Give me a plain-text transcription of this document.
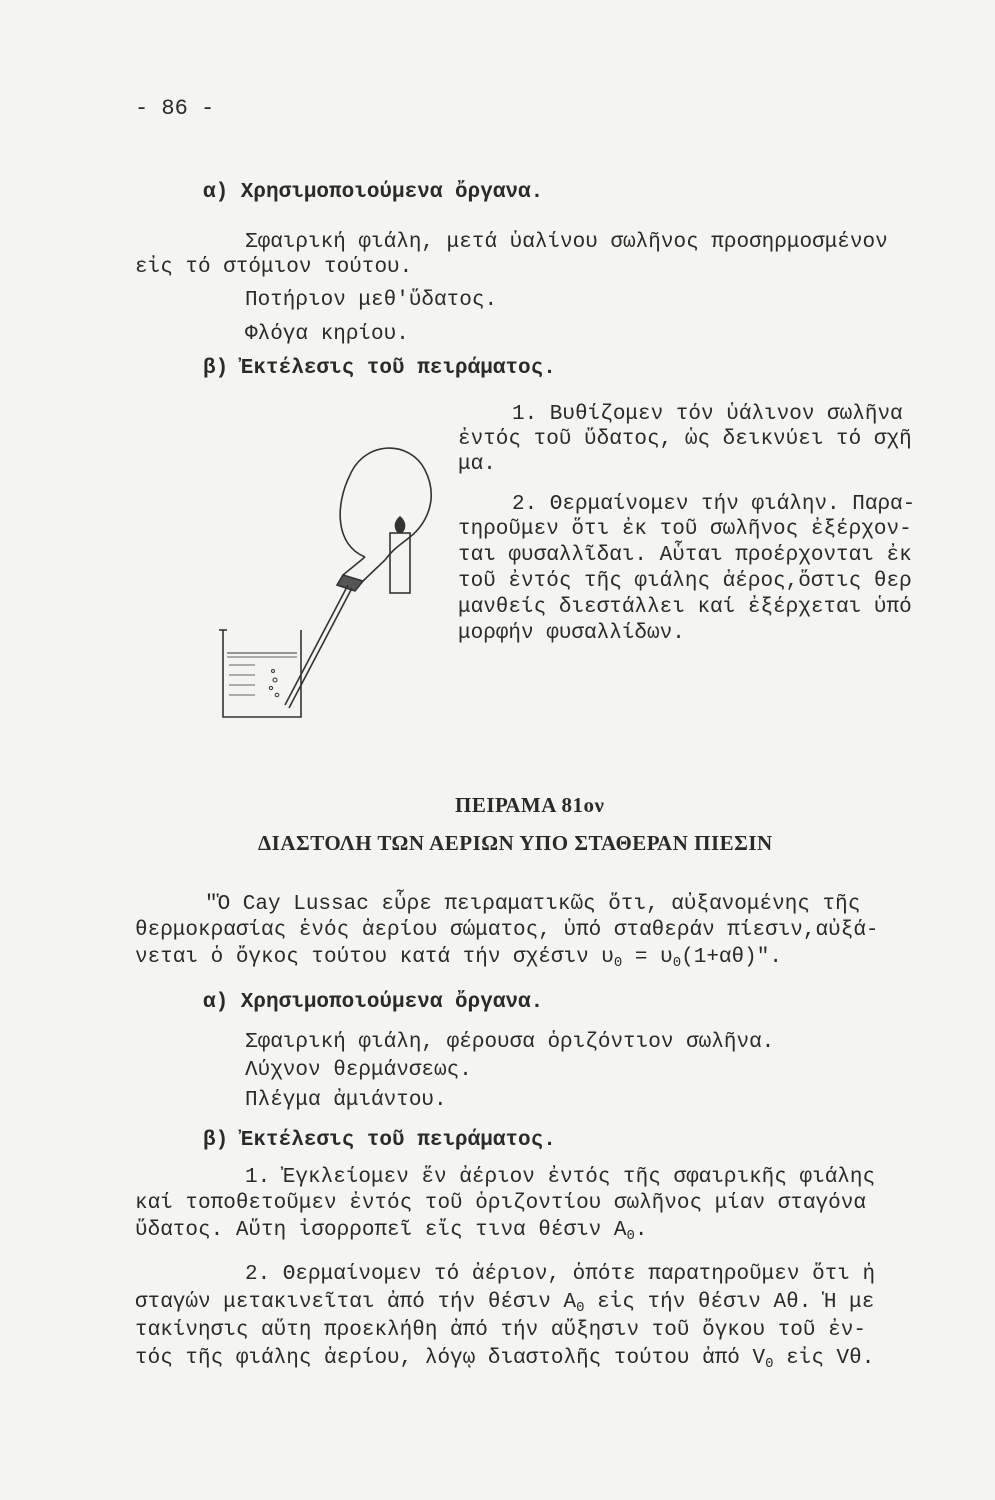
- 86 -
α) Χρησιμοποιούμενα ὄργανα.
Σφαιρική φιάλη, μετά ὑαλίνου σωλῆνος προσηρμοσμένον
εἰς τό στόμιον τούτου.
Ποτήριον μεθ'ὕδατος.
Φλόγα κηρίου.
β) Ἐκτέλεσις τοῦ πειράματος.
1. Βυθίζομεν τόν ὑάλινον σωλῆνα
ἐντός τοῦ ὕδατος, ὡς δεικνύει τό σχῆ
μα.
2. Θερμαίνομεν τήν φιάλην. Παρα-
τηροῦμεν ὅτι ἐκ τοῦ σωλῆνος ἐξέρχον-
ται φυσαλλῖδαι. Αὗται προέρχονται ἐκ
τοῦ ἐντός τῆς φιάλης ἀέρος,ὅστις θερ
μανθείς διεστάλλει καί ἐξέρχεται ὑπό
μορφήν φυσαλλίδων.
ΠΕΙΡΑΜΑ 81ον
ΔΙΑΣΤΟΛΗ ΤΩΝ ΑΕΡΙΩΝ ΥΠΟ ΣΤΑΘΕΡΑΝ ΠΙΕΣΙΝ
"Ὁ Cay Lussac εὗρε πειραματικῶς ὅτι, αὐξανομένης τῆς
θερμοκρασίας ἑνός ἀερίου σώματος, ὑπό σταθεράν πίεσιν,αὐξά-
νεται ὁ ὄγκος τούτου κατά τήν σχέσιν $\upsilon_0 = \upsilon_0(1+\alpha\theta)$".
α) Χρησιμοποιούμενα ὄργανα.
Σφαιρική φιάλη, φέρουσα ὁριζόντιον σωλῆνα.
Λύχνον θερμάνσεως.
Πλέγμα ἀμιάντου.
β) Ἐκτέλεσις τοῦ πειράματος.
1. Ἐγκλείομεν ἕν ἀέριον ἐντός τῆς σφαιρικῆς φιάλης
καί τοποθετοῦμεν ἐντός τοῦ ὁριζοντίου σωλῆνος μίαν σταγόνα
ὕδατος. Αὕτη ἰσορροπεῖ εἴς τινα θέσιν $A_0$.
2. Θερμαίνομεν τό ἀέριον, ὁπότε παρατηροῦμεν ὅτι ἡ
σταγών μετακινεῖται ἀπό τήν θέσιν $A_0$ εἰς τήν θέσιν Aθ. Ἡ με
τακίνησις αὕτη προεκλήθη ἀπό τήν αὔξησιν τοῦ ὄγκου τοῦ ἐν-
τός τῆς φιάλης ἀερίου, λόγῳ διαστολῆς τούτου ἀπό $V_0$ εἰς Vθ.
